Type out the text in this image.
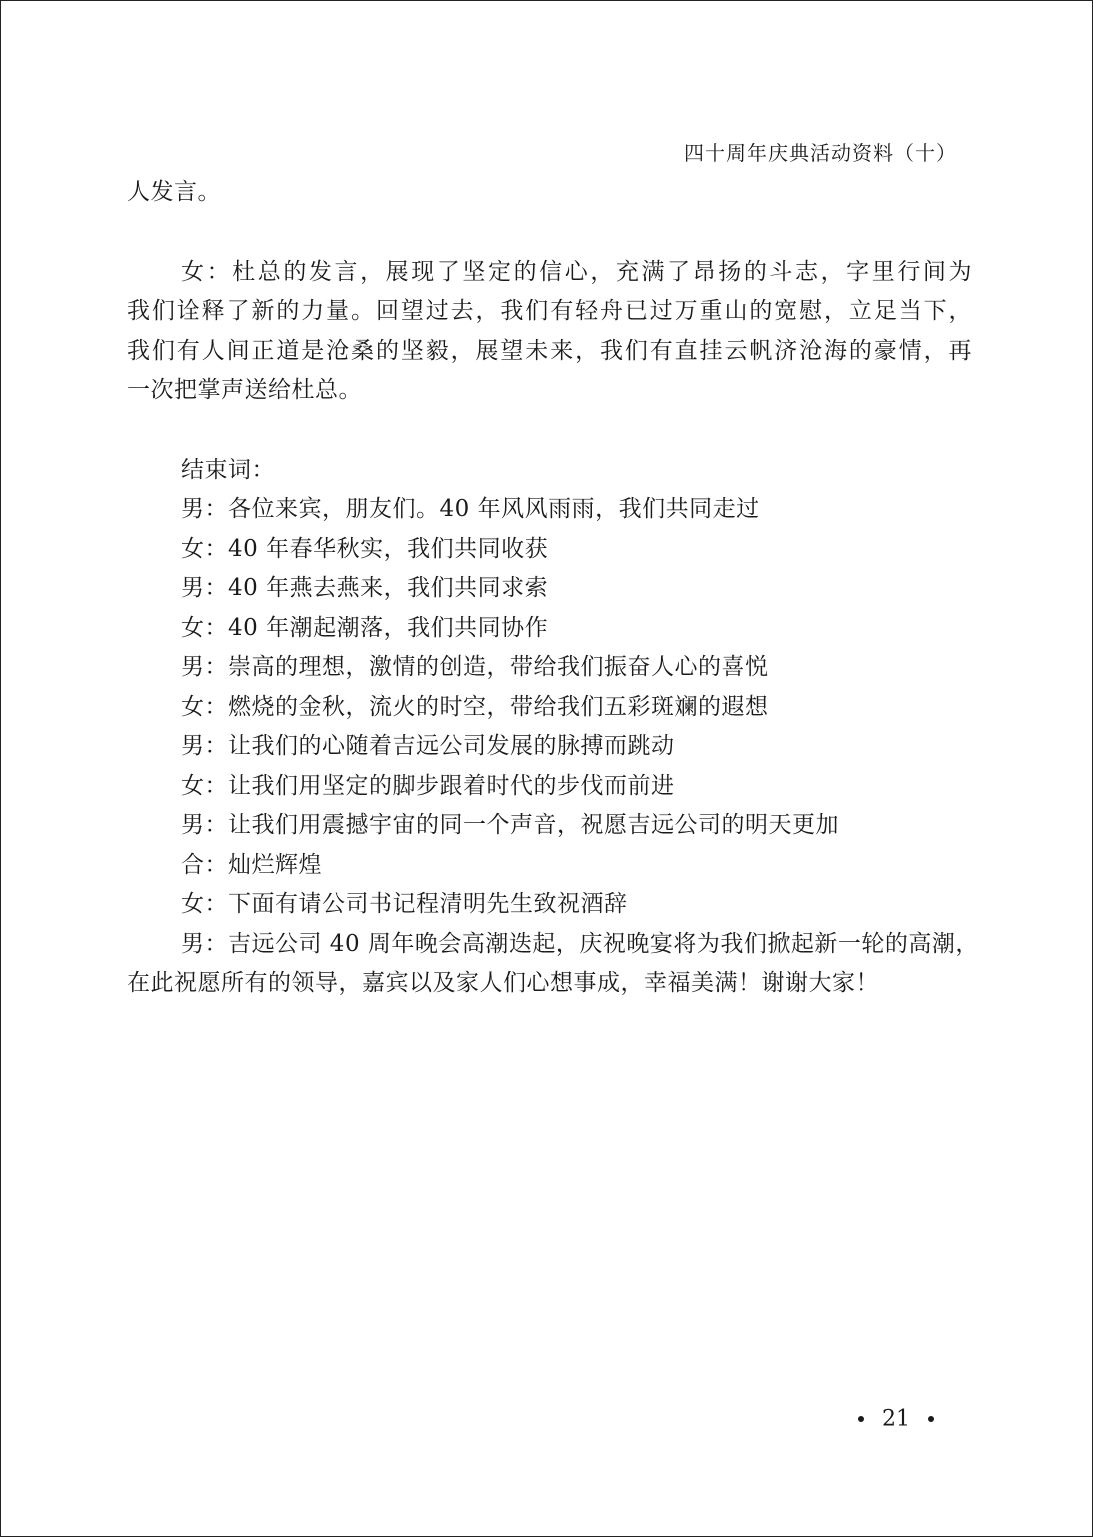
四十周年庆典活动资料（十）
人发言。
女：杜总的发言，展现了坚定的信心，充满了昂扬的斗志，字里行间为
我们诠释了新的力量。回望过去，我们有轻舟已过万重山的宽慰，立足当下，
我们有人间正道是沧桑的坚毅，展望未来，我们有直挂云帆济沧海的豪情，再
一次把掌声送给杜总。
结束词：
男：各位来宾，朋友们。40 年风风雨雨，我们共同走过
女：40 年春华秋实，我们共同收获
男：40 年燕去燕来，我们共同求索
女：40 年潮起潮落，我们共同协作
男：崇高的理想，激情的创造，带给我们振奋人心的喜悦
女：燃烧的金秋，流火的时空，带给我们五彩斑斓的遐想
男：让我们的心随着吉远公司发展的脉搏而跳动
女：让我们用坚定的脚步跟着时代的步伐而前进
男：让我们用震撼宇宙的同一个声音，祝愿吉远公司的明天更加
合：灿烂辉煌
女：下面有请公司书记程清明先生致祝酒辞
男：吉远公司 40 周年晚会高潮迭起，庆祝晚宴将为我们掀起新一轮的高潮，
在此祝愿所有的领导，嘉宾以及家人们心想事成，幸福美满！谢谢大家！
21
